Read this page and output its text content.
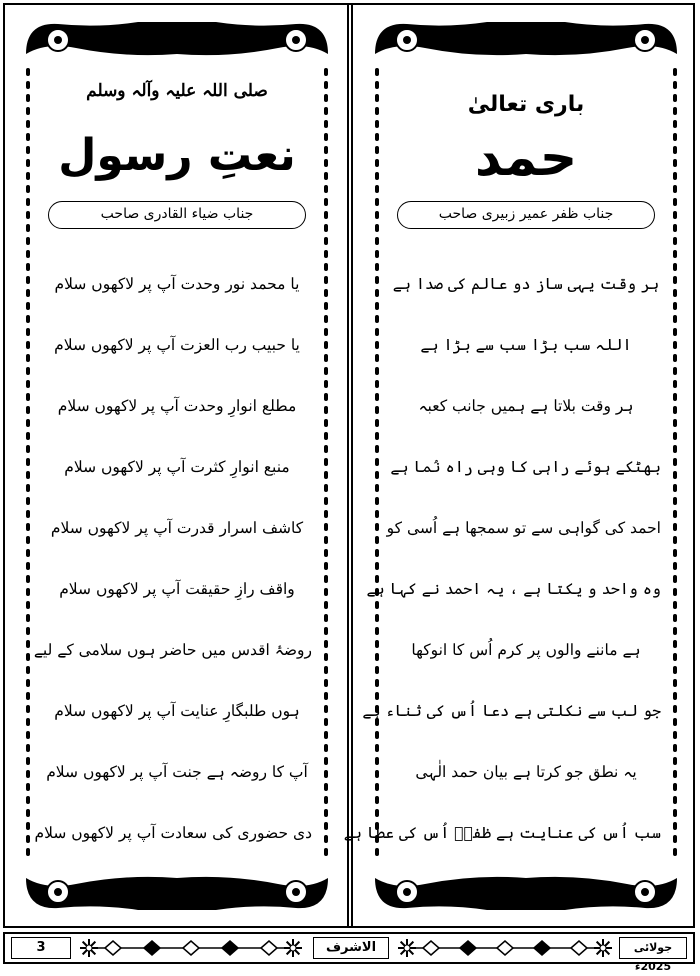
صلی اللہ علیہ وآلہ وسلم
نعتِ رسول
جناب ضیاء القادری صاحب
یا محمد نور وحدت آپ پر لاکھوں سلام
یا حبیب رب العزت آپ پر لاکھوں سلام
مطلع انوارِ وحدت آپ پر لاکھوں سلام
منبع انوارِ کثرت آپ پر لاکھوں سلام
کاشف اسرار قدرت آپ پر لاکھوں سلام
واقف رازِ حقیقت آپ پر لاکھوں سلام
روضۂ اقدس میں حاضر ہوں سلامی کے لیے
ہوں طلبگارِ عنایت آپ پر لاکھوں سلام
آپ کا روضہ ہے جنت آپ پر لاکھوں سلام
دی حضوری کی سعادت آپ پر لاکھوں سلام
باری تعالیٰ
حمد
جناب ظفر عمیر زبیری صاحب
ہر وقت یہی ساز دو عالم کی صدا ہے
اللہ سب بڑا سب سے بڑا ہے
ہر وقت بلاتا ہے ہمیں جانب کعبہ
بھٹکے ہوئے راہی کا وہی راہ نُما ہے
احمد کی گواہی سے تو سمجھا ہے اُسی کو
وہ واحد و یکتا ہے ، یہ احمد نے کہا ہے
ہے ماننے والوں پر کرم اُس کا انوکھا
جو لب سے نکلتی ہے دعا اُس کی ثناء ہے
یہ نطق جو کرتا ہے بیان حمد الٰہی
سب اُس کی عنایت ہے ظفرؔ اُس کی عطا ہے
3	الاشرف	جولائی 2025ء
